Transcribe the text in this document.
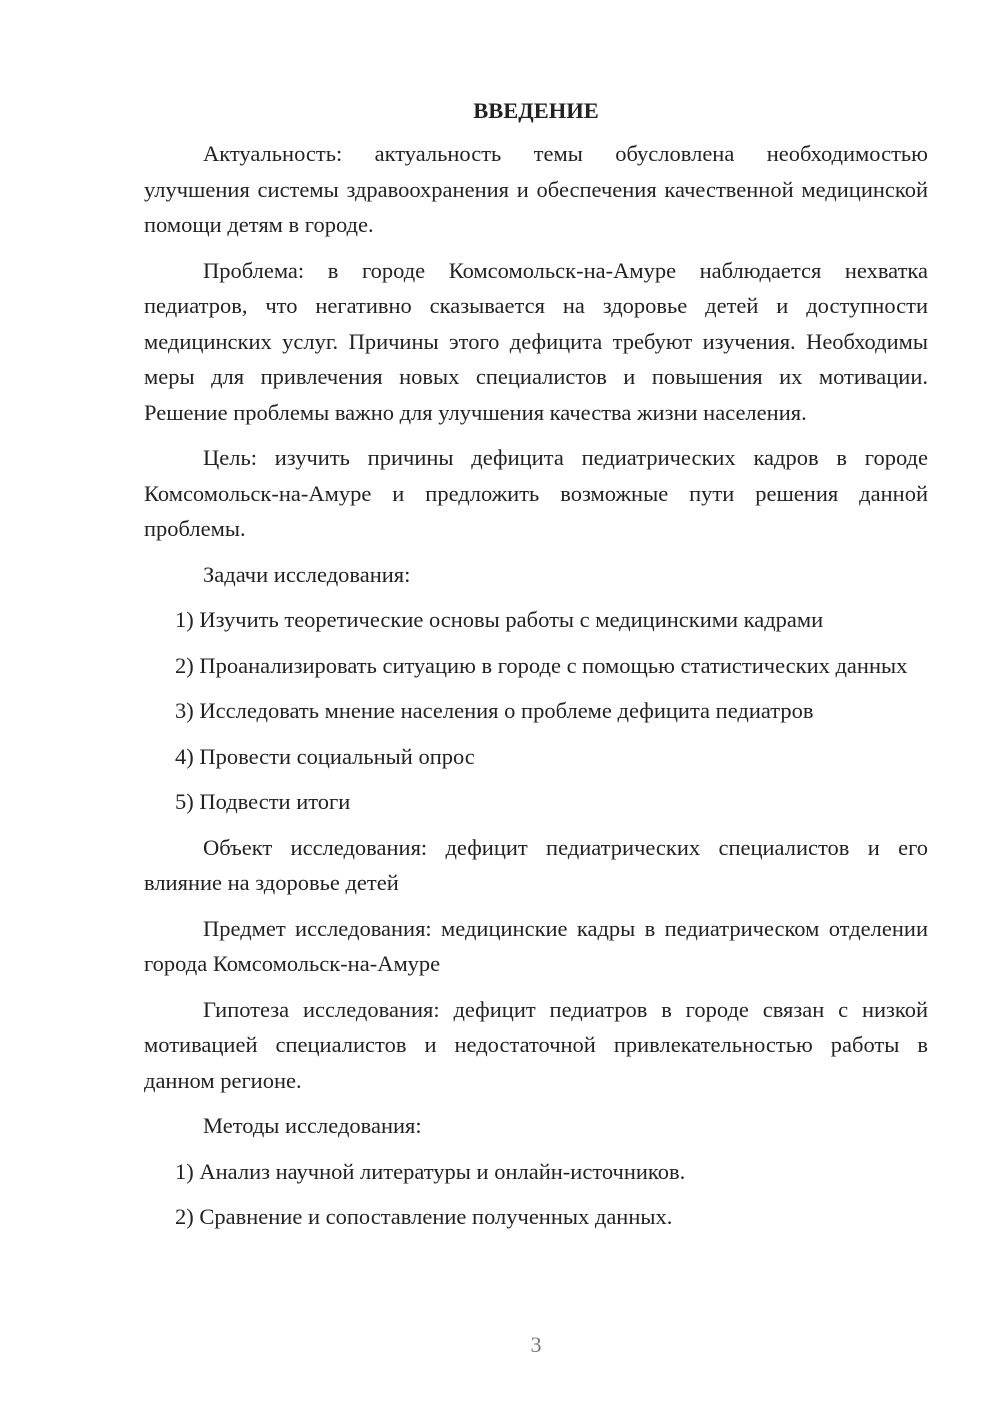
ВВЕДЕНИЕ

Актуальность: актуальность темы обусловлена необходимостью улучшения системы здравоохранения и обеспечения качественной медицинской помощи детям в городе.

Проблема: в городе Комсомольск-на-Амуре наблюдается нехватка педиатров, что негативно сказывается на здоровье детей и доступности медицинских услуг. Причины этого дефицита требуют изучения. Необходимы меры для привлечения новых специалистов и повышения их мотивации. Решение проблемы важно для улучшения качества жизни населения.

Цель: изучить причины дефицита педиатрических кадров в городе Комсомольск-на-Амуре и предложить возможные пути решения данной проблемы.

Задачи исследования:

1) Изучить теоретические основы работы с медицинскими кадрами

2) Проанализировать ситуацию в городе с помощью статистических данных

3) Исследовать мнение населения о проблеме дефицита педиатров

4) Провести социальный опрос

5) Подвести итоги

Объект исследования: дефицит педиатрических специалистов и его влияние на здоровье детей

Предмет исследования: медицинские кадры в педиатрическом отделении города Комсомольск-на-Амуре

Гипотеза исследования: дефицит педиатров в городе связан с низкой мотивацией специалистов и недостаточной привлекательностью работы в данном регионе.

Методы исследования:

1) Анализ научной литературы и онлайн-источников.

2) Сравнение и сопоставление полученных данных.

3
